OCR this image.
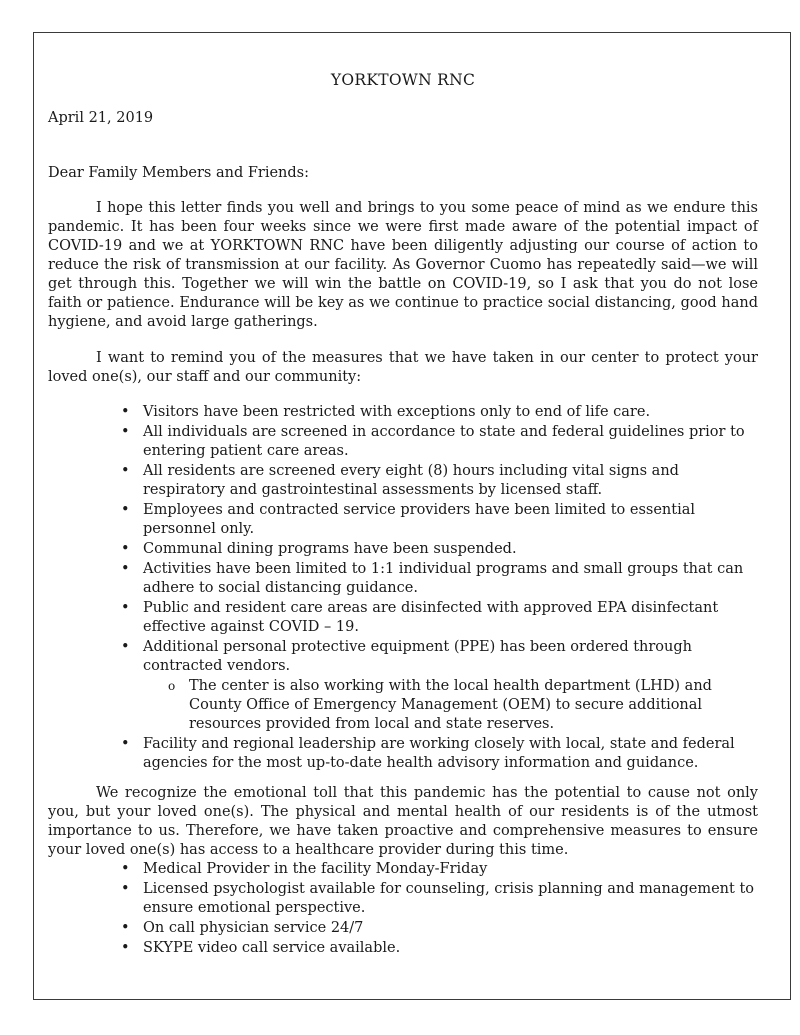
YORKTOWN RNC
April 21, 2019
Dear Family Members and Friends:

I hope this letter finds you well and brings to you some peace of mind as we endure this pandemic. It has been four weeks since we were first made aware of the potential impact of COVID-19 and we at YORKTOWN RNC have been diligently adjusting our course of action to reduce the risk of transmission at our facility. As Governor Cuomo has repeatedly said—we will get through this. Together we will win the battle on COVID-19, so I ask that you do not lose faith or patience. Endurance will be key as we continue to practice social distancing, good hand hygiene, and avoid large gatherings.

I want to remind you of the measures that we have taken in our center to protect your loved one(s), our staff and our community:

• Visitors have been restricted with exceptions only to end of life care.
• All individuals are screened in accordance to state and federal guidelines prior to entering patient care areas.
• All residents are screened every eight (8) hours including vital signs and respiratory and gastrointestinal assessments by licensed staff.
• Employees and contracted service providers have been limited to essential personnel only.
• Communal dining programs have been suspended.
• Activities have been limited to 1:1 individual programs and small groups that can adhere to social distancing guidance.
• Public and resident care areas are disinfected with approved EPA disinfectant effective against COVID – 19.
• Additional personal protective equipment (PPE) has been ordered through contracted vendors.
o The center is also working with the local health department (LHD) and County Office of Emergency Management (OEM) to secure additional resources provided from local and state reserves.
• Facility and regional leadership are working closely with local, state and federal agencies for the most up-to-date health advisory information and guidance.

We recognize the emotional toll that this pandemic has the potential to cause not only you, but your loved one(s). The physical and mental health of our residents is of the utmost importance to us. Therefore, we have taken proactive and comprehensive measures to ensure your loved one(s) has access to a healthcare provider during this time.

• Medical Provider in the facility Monday-Friday
• Licensed psychologist available for counseling, crisis planning and management to ensure emotional perspective.
• On call physician service 24/7
• SKYPE video call service available.
